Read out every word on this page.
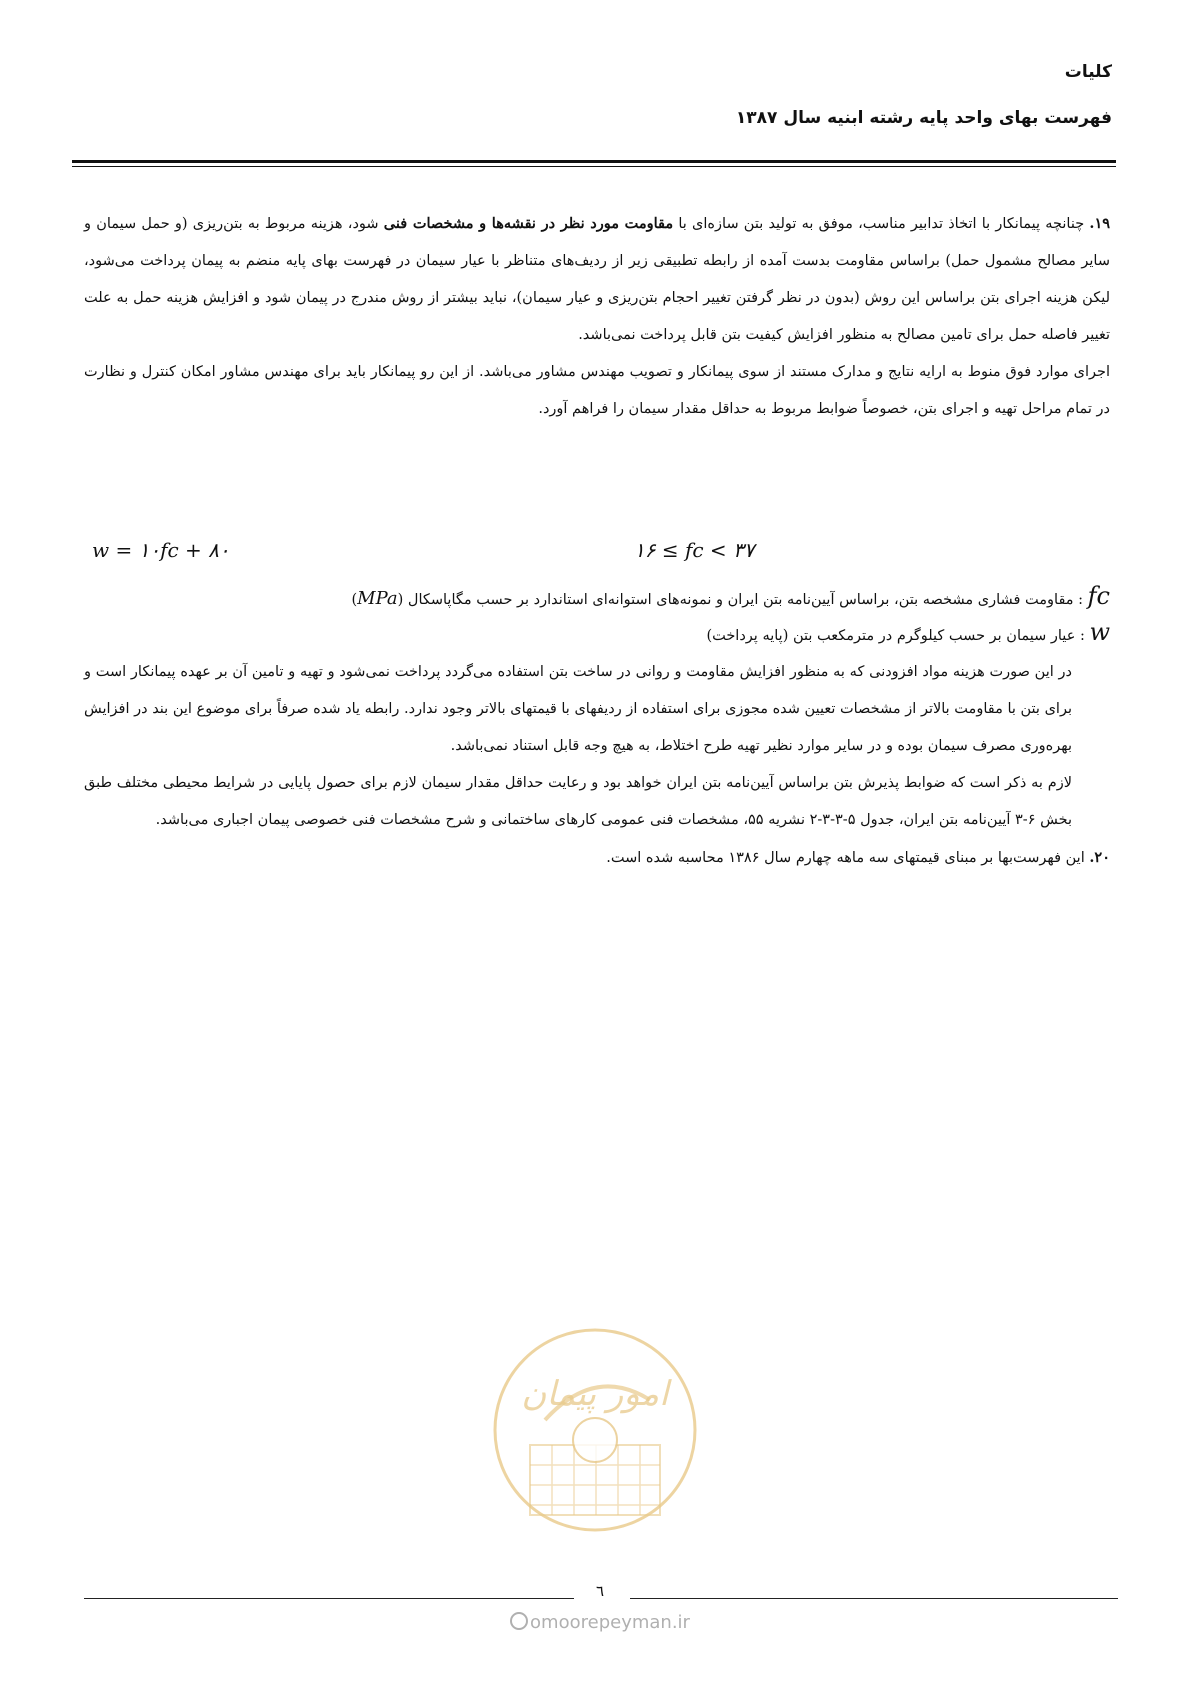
کلیات
فهرست بهای واحد پایه رشته ابنیه سال ۱۳۸۷

۱۹. چنانچه پیمانکار با اتخاذ تدابیر مناسب، موفق به تولید بتن سازه‌ای با مقاومت مورد نظر در نقشه‌ها و مشخصات فنی شود، هزینه مربوط به بتن‌ریزی (و حمل سیمان و سایر مصالح مشمول حمل) براساس مقاومت بدست آمده از رابطه تطبیقی زیر از ردیف‌های متناظر با عیار سیمان در فهرست بهای پایه منضم به پیمان پرداخت می‌شود، لیکن هزینه اجرای بتن براساس این روش (بدون در نظر گرفتن تغییر احجام بتن‌ریزی و عیار سیمان)، نباید بیشتر از روش مندرج در پیمان شود و افزایش هزینه حمل به علت تغییر فاصله حمل برای تامین مصالح به منظور افزایش کیفیت بتن قابل پرداخت نمی‌باشد.

اجرای موارد فوق منوط به ارایه نتایج و مدارک مستند از سوی پیمانکار و تصویب مهندس مشاور می‌باشد. از این رو پیمانکار باید برای مهندس مشاور امکان کنترل و نظارت در تمام مراحل تهیه و اجرای بتن، خصوصاً ضوابط مربوط به حداقل مقدار سیمان را فراهم آورد.

w = ۱۰fc + ۸۰	۱۶ ≤ fc < ۳۷
fc : مقاومت فشاری مشخصه بتن، براساس آیین‌نامه بتن ایران و نمونه‌های استوانه‌ای استاندارد بر حسب مگاپاسکال (MPa)
w : عیار سیمان بر حسب کیلوگرم در مترمکعب بتن (پایه پرداخت)

در این صورت هزینه مواد افزودنی که به منظور افزایش مقاومت و روانی در ساخت بتن استفاده می‌گردد پرداخت نمی‌شود و تهیه و تامین آن بر عهده پیمانکار است و برای بتن با مقاومت بالاتر از مشخصات تعیین شده مجوزی برای استفاده از ردیفهای با قیمتهای بالاتر وجود ندارد. رابطه یاد شده صرفاً برای موضوع این بند در افزایش بهره‌وری مصرف سیمان بوده و در سایر موارد نظیر تهیه طرح اختلاط، به هیچ وجه قابل استناد نمی‌باشد.

لازم به ذکر است که ضوابط پذیرش بتن براساس آیین‌نامه بتن ایران خواهد بود و رعایت حداقل مقدار سیمان لازم برای حصول پایایی در شرایط محیطی مختلف طبق بخش ۶-۳ آیین‌نامه بتن ایران، جدول ۵-۳-۳-۲ نشریه ۵۵، مشخصات فنی عمومی کارهای ساختمانی و شرح مشخصات فنی خصوصی پیمان اجباری می‌باشد.

۲۰. این فهرست‌بها بر مبنای قیمتهای سه ماهه چهارم سال ۱۳۸۶ محاسبه شده است.

امور پیمان
٦
omoorepeyman.ir
